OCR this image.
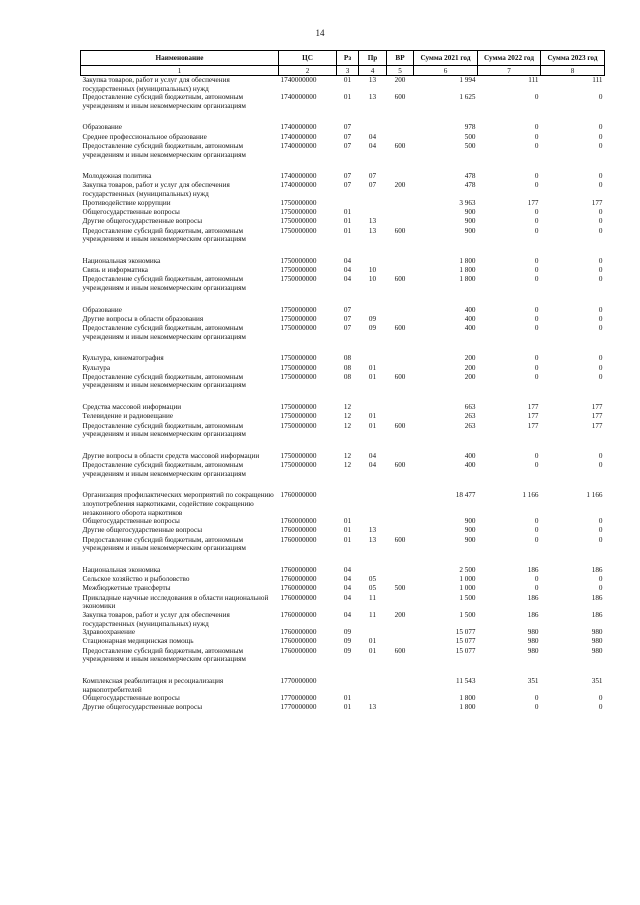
14
Наименование	ЦС	Рз	Пр	ВР	Сумма 2021 год	Сумма 2022 год	Сумма 2023 год
1	2	3	4	5	6	7	8
Закупка товаров, работ и услуг для обеспечения государственных (муниципальных) нужд	1740000000	01	13	200	1 994	111	111
Предоставление субсидий бюджетным, автономным учреждениям и иным некоммерческим организациям	1740000000	01	13	600	1 625	0	0

Образование	1740000000	07			978	0	0
Среднее профессиональное образование	1740000000	07	04		500	0	0
Предоставление субсидий бюджетным, автономным учреждениям и иным некоммерческим организациям	1740000000	07	04	600	500	0	0

Молодежная политика	1740000000	07	07		478	0	0
Закупка товаров, работ и услуг для обеспечения государственных (муниципальных) нужд	1740000000	07	07	200	478	0	0
Противодействие коррупции	1750000000				3 963	177	177
Общегосударственные вопросы	1750000000	01			900	0	0
Другие общегосударственные вопросы	1750000000	01	13		900	0	0
Предоставление субсидий бюджетным, автономным учреждениям и иным некоммерческим организациям	1750000000	01	13	600	900	0	0

Национальная экономика	1750000000	04			1 800	0	0
Связь и информатика	1750000000	04	10		1 800	0	0
Предоставление субсидий бюджетным, автономным учреждениям и иным некоммерческим организациям	1750000000	04	10	600	1 800	0	0

Образование	1750000000	07			400	0	0
Другие вопросы в области образования	1750000000	07	09		400	0	0
Предоставление субсидий бюджетным, автономным учреждениям и иным некоммерческим организациям	1750000000	07	09	600	400	0	0

Культура, кинематография	1750000000	08			200	0	0
Культура	1750000000	08	01		200	0	0
Предоставление субсидий бюджетным, автономным учреждениям и иным некоммерческим организациям	1750000000	08	01	600	200	0	0

Средства массовой информации	1750000000	12			663	177	177
Телевидение и радиовещание	1750000000	12	01		263	177	177
Предоставление субсидий бюджетным, автономным учреждениям и иным некоммерческим организациям	1750000000	12	01	600	263	177	177

Другие вопросы в области средств массовой информации	1750000000	12	04		400	0	0
Предоставление субсидий бюджетным, автономным учреждениям и иным некоммерческим организациям	1750000000	12	04	600	400	0	0

Организация профилактических мероприятий по сокращению злоупотребления наркотиками, содействие сокращению незаконного оборота наркотиков	1760000000				18 477	1 166	1 166
Общегосударственные вопросы	1760000000	01			900	0	0
Другие общегосударственные вопросы	1760000000	01	13		900	0	0
Предоставление субсидий бюджетным, автономным учреждениям и иным некоммерческим организациям	1760000000	01	13	600	900	0	0

Национальная экономика	1760000000	04			2 500	186	186
Сельское хозяйство и рыболовство	1760000000	04	05		1 000	0	0
Межбюджетные трансферты	1760000000	04	05	500	1 000	0	0
Прикладные научные исследования в области национальной экономики	1760000000	04	11		1 500	186	186
Закупка товаров, работ и услуг для обеспечения государственных (муниципальных) нужд	1760000000	04	11	200	1 500	186	186
Здравоохранение	1760000000	09			15 077	980	980
Стационарная медицинская помощь	1760000000	09	01		15 077	980	980
Предоставление субсидий бюджетным, автономным учреждениям и иным некоммерческим организациям	1760000000	09	01	600	15 077	980	980

Комплексная реабилитация и ресоциализация наркопотребителей	1770000000				11 543	351	351
Общегосударственные вопросы	1770000000	01			1 800	0	0
Другие общегосударственные вопросы	1770000000	01	13		1 800	0	0
